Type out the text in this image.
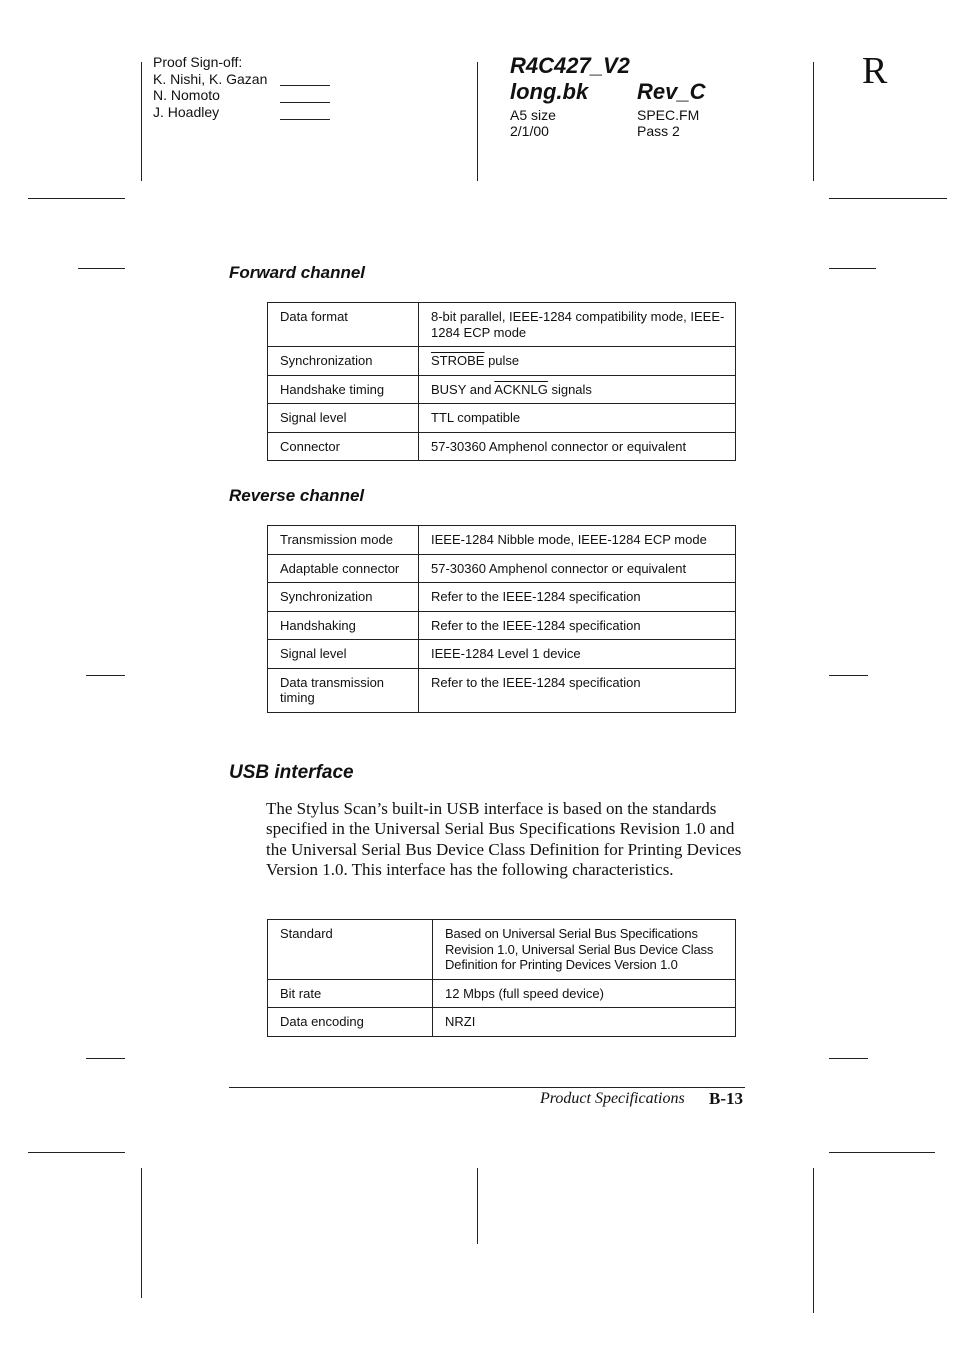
Proof Sign-off:
K. Nishi, K. Gazan
N. Nomoto
J. Hoadley
R4C427_V2
long.bk Rev_C
A5 size
2/1/00
SPEC.FM
Pass 2
R
Forward channel
Data format	8-bit parallel, IEEE-1284 compatibility mode, IEEE-1284 ECP mode
Synchronization	STROBE pulse
Handshake timing	BUSY and ACKNLG signals
Signal level	TTL compatible
Connector	57-30360 Amphenol connector or equivalent
Reverse channel
Transmission mode	IEEE-1284 Nibble mode, IEEE-1284 ECP mode
Adaptable connector	57-30360 Amphenol connector or equivalent
Synchronization	Refer to the IEEE-1284 specification
Handshaking	Refer to the IEEE-1284 specification
Signal level	IEEE-1284 Level 1 device
Data transmission timing	Refer to the IEEE-1284 specification
USB interface
The Stylus Scan’s built-in USB interface is based on the standards specified in the Universal Serial Bus Specifications Revision 1.0 and the Universal Serial Bus Device Class Definition for Printing Devices Version 1.0. This interface has the following characteristics.
Standard	Based on Universal Serial Bus Specifications Revision 1.0, Universal Serial Bus Device Class Definition for Printing Devices Version 1.0
Bit rate	12 Mbps (full speed device)
Data encoding	NRZI
Product Specifications B-13
